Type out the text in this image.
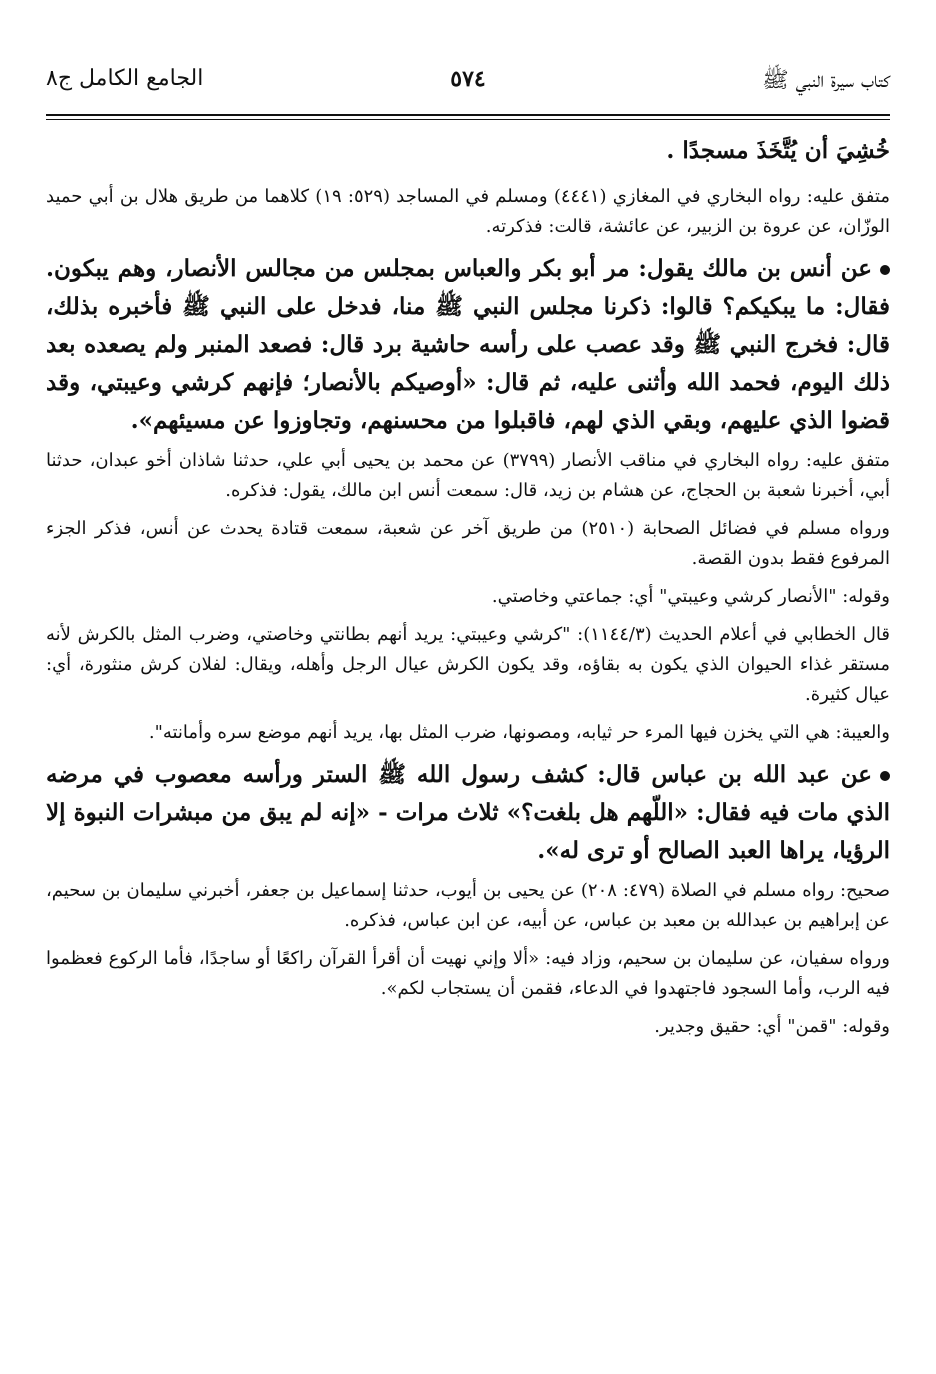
كتاب سيرة النبي ﷺ
٥٧٤
الجامع الكامل ج٨

خُشِيَ أن يُتَّخَذَ مسجدًا .

متفق عليه: رواه البخاري في المغازي (٤٤٤١) ومسلم في المساجد (٥٢٩: ١٩) كلاهما من طريق هلال بن أبي حميد الوزّان، عن عروة بن الزبير، عن عائشة، قالت: فذكرته.

عن أنس بن مالك يقول: مر أبو بكر والعباس بمجلس من مجالس الأنصار، وهم يبكون. فقال: ما يبكيكم؟ قالوا: ذكرنا مجلس النبي ﷺ منا، فدخل على النبي ﷺ فأخبره بذلك، قال: فخرج النبي ﷺ وقد عصب على رأسه حاشية برد قال: فصعد المنبر ولم يصعده بعد ذلك اليوم، فحمد الله وأثنى عليه، ثم قال: «أوصيكم بالأنصار؛ فإنهم كرشي وعيبتي، وقد قضوا الذي عليهم، وبقي الذي لهم، فاقبلوا من محسنهم، وتجاوزوا عن مسيئهم».

متفق عليه: رواه البخاري في مناقب الأنصار (٣٧٩٩) عن محمد بن يحيى أبي علي، حدثنا شاذان أخو عبدان، حدثنا أبي، أخبرنا شعبة بن الحجاج، عن هشام بن زيد، قال: سمعت أنس ابن مالك، يقول: فذكره.

ورواه مسلم في فضائل الصحابة (٢٥١٠) من طريق آخر عن شعبة، سمعت قتادة يحدث عن أنس، فذكر الجزء المرفوع فقط بدون القصة.

وقوله: "الأنصار كرشي وعيبتي" أي: جماعتي وخاصتي.

قال الخطابي في أعلام الحديث (١١٤٤/٣): "كرشي وعيبتي: يريد أنهم بطانتي وخاصتي، وضرب المثل بالكرش لأنه مستقر غذاء الحيوان الذي يكون به بقاؤه، وقد يكون الكرش عيال الرجل وأهله، ويقال: لفلان كرش منثورة، أي: عيال كثيرة.

والعيبة: هي التي يخزن فيها المرء حر ثيابه، ومصونها، ضرب المثل بها، يريد أنهم موضع سره وأمانته".

عن عبد الله بن عباس قال: كشف رسول الله ﷺ الستر ورأسه معصوب في مرضه الذي مات فيه فقال: «اللّهم هل بلغت؟» ثلاث مرات - «إنه لم يبق من مبشرات النبوة إلا الرؤيا، يراها العبد الصالح أو ترى له».

صحيح: رواه مسلم في الصلاة (٤٧٩: ٢٠٨) عن يحيى بن أيوب، حدثنا إسماعيل بن جعفر، أخبرني سليمان بن سحيم، عن إبراهيم بن عبدالله بن معبد بن عباس، عن أبيه، عن ابن عباس، فذكره.

ورواه سفيان، عن سليمان بن سحيم، وزاد فيه: «ألا وإني نهيت أن أقرأ القرآن راكعًا أو ساجدًا، فأما الركوع فعظموا فيه الرب، وأما السجود فاجتهدوا في الدعاء، فقمن أن يستجاب لكم».

وقوله: "قمن" أي: حقيق وجدير.
